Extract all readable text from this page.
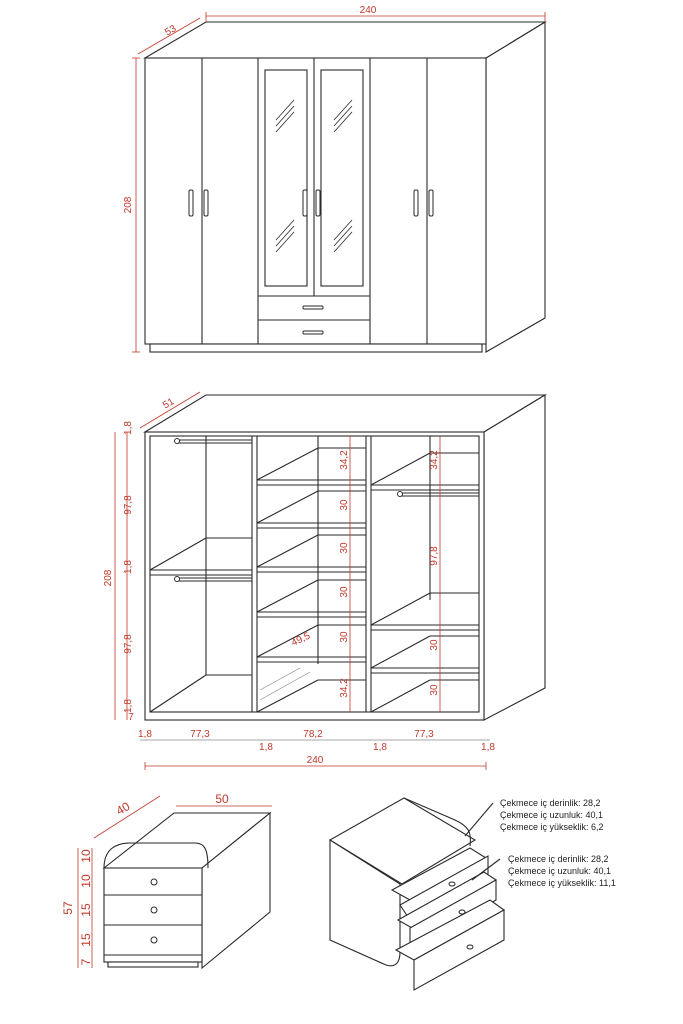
240
53
208
51
208
1,8
97,8
1,8
97,8
1,8
7
34,2
30
30
30
30
34,2
49,5
34,2
97,8
30
30
1,8	77,3
1,8
78,2
1,8
77,3
1,8
240
40
50
57
10
10
15
15
7
Çekmece iç derinlik: 28,2
Çekmece iç uzunluk: 40,1
Çekmece iç yükseklik: 6,2
Çekmece iç derinlik: 28,2
Çekmece iç uzunluk: 40,1
Çekmece iç yükseklik: 11,1
